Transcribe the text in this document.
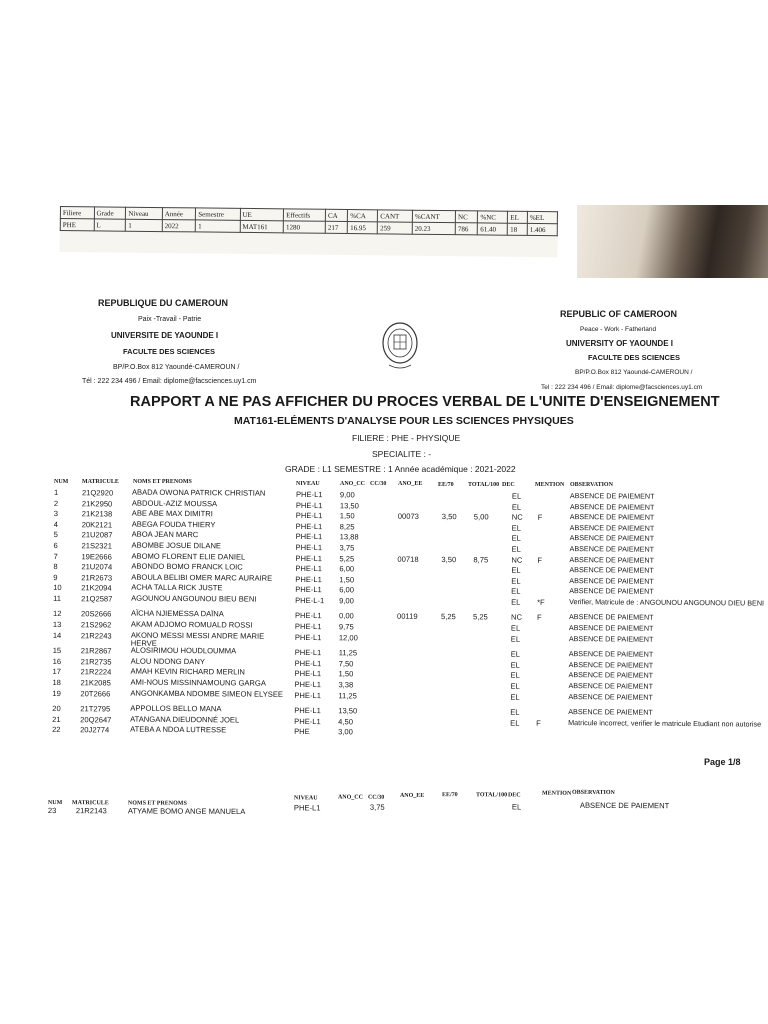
Filiere	Grade	Niveau	Année	Semestre	UE	Effectifs	CA	%CA	CANT	%CANT	NC	%NC	EL	%EL
PHE	L	1	2022	1	MAT161	1280	217	16.95	259	20.23	786	61.40	18	1.406
REPUBLIQUE DU CAMEROUN
Paix -Travail - Patrie
UNIVERSITE DE YAOUNDE I
FACULTE DES SCIENCES
BP/P.O.Box 812 Yaoundé-CAMEROUN /
Tél : 222 234 496 / Email: diplome@facsciences.uy1.cm
REPUBLIC OF CAMEROON
Peace - Work - Fatherland
UNIVERSITY OF YAOUNDE I
FACULTE DES SCIENCES
BP/P.O.Box 812 Yaoundé-CAMEROUN /
Tel : 222 234 496 / Email: diplome@facsciences.uy1.cm
RAPPORT A NE PAS AFFICHER DU PROCES VERBAL DE L'UNITE D'ENSEIGNEMENT
MAT161-ELÉMENTS D'ANALYSE POUR LES SCIENCES PHYSIQUES
FILIERE : PHE - PHYSIQUE
SPECIALITE : -
GRADE : L1 SEMESTRE : 1 Année académique : 2021-2022
NUM MATRICULE NOMS ET PRENOMS	NIVEAU	ANO_CC CC/30 ANO_EE	EE/70 TOTAL/100 DEC	MENTION OBSERVATION
1	21Q2920 ABADA OWONA PATRICK CHRISTIAN	PHE-L1 9,00	EL	ABSENCE DE PAIEMENT
2	21K2950	ABDOUL-AZIZ MOUSSA	PHE-L1 13,50	EL	ABSENCE DE PAIEMENT
3	21K2138	ABE ABE MAX DIMITRI	PHE-L1 1,50	00073	3,50 5,00	NC F	ABSENCE DE PAIEMENT
4	20K2121	ABEGA FOUDA THIERY	PHE-L1 8,25	EL	ABSENCE DE PAIEMENT
5	21U2087	ABOA JEAN MARC	PHE-L1 13,88	EL	ABSENCE DE PAIEMENT
6	21S2321	ABOMBE JOSUE DILANE	PHE-L1 3,75	EL	ABSENCE DE PAIEMENT
7	19E2666	ABOMO FLORENT ELIE DANIEL	PHE-L1 5,25	00718	3,50 8,75	NC F	ABSENCE DE PAIEMENT
8	21U2074	ABONDO BOMO FRANCK LOIC	PHE-L1 6,00	EL	ABSENCE DE PAIEMENT
9	21R2673	ABOULA BELIBI OMER MARC AURAIRE	PHE-L1 1,50	EL	ABSENCE DE PAIEMENT
10	21K2094	ACHA TALLA RICK JUSTE	PHE-L1 6,00	EL	ABSENCE DE PAIEMENT
11	21Q2587 AGOUNOU ANGOUNOU BIEU BENI	PHE-L-1 9,00	EL *F	Verifier, Matricule de : ANGOUNOU ANGOUNOU DIEU BENI
12	20S2666	AÏCHA NJIEMESSA DAÏNA	PHE-L1 0,00	00119	5,25 5,25	NC F	ABSENCE DE PAIEMENT
13	21S2962	AKAM ADJOMO ROMUALD ROSSI	PHE-L1 9,75	EL	ABSENCE DE PAIEMENT
14	21R2243	AKONO MESSI MESSI ANDRE MARIE HERVE
PHE-L1 12,00	EL	ABSENCE DE PAIEMENT
15	21R2867	ALOSIRIMOU HOUDLOUMMA	PHE-L1 11,25	EL	ABSENCE DE PAIEMENT
16	21R2735	ALOU NDONG DANY	PHE-L1 7,50	EL	ABSENCE DE PAIEMENT
17	21R2224	AMAH KEVIN RICHARD MERLIN	PHE-L1 1,50	EL	ABSENCE DE PAIEMENT
18	21K2085	AMI-NOUS MISSINNAMOUNG GARGA	PHE-L1 3,38	EL	ABSENCE DE PAIEMENT
19	20T2666	ANGONKAMBA NDOMBE SIMEON ELYSEE	PHE-L1 11,25	EL	ABSENCE DE PAIEMENT
20	21T2795	APPOLLOS BELLO MANA	PHE-L1 13,50	EL	ABSENCE DE PAIEMENT
21	20Q2647 ATANGANA DIEUDONNÉ JOEL	PHE-L1 4,50	EL F	Matricule incorrect, verifier le matricule Etudiant non autorise
22	20J2774	ATEBA A NDOA LUTRESSE	PHE	3,00
Page 1/8
NUM MATRICULE	NOMS ET PRENOMS
NIVEAU	ANO_CC CC/30	ANO_EE	EE/70	TOTAL/100 DEC	MENTION OBSERVATION
23	21R2143	ATYAME BOMO ANGE MANUELA	PHE-L1	3,75	EL	ABSENCE DE PAIEMENT
